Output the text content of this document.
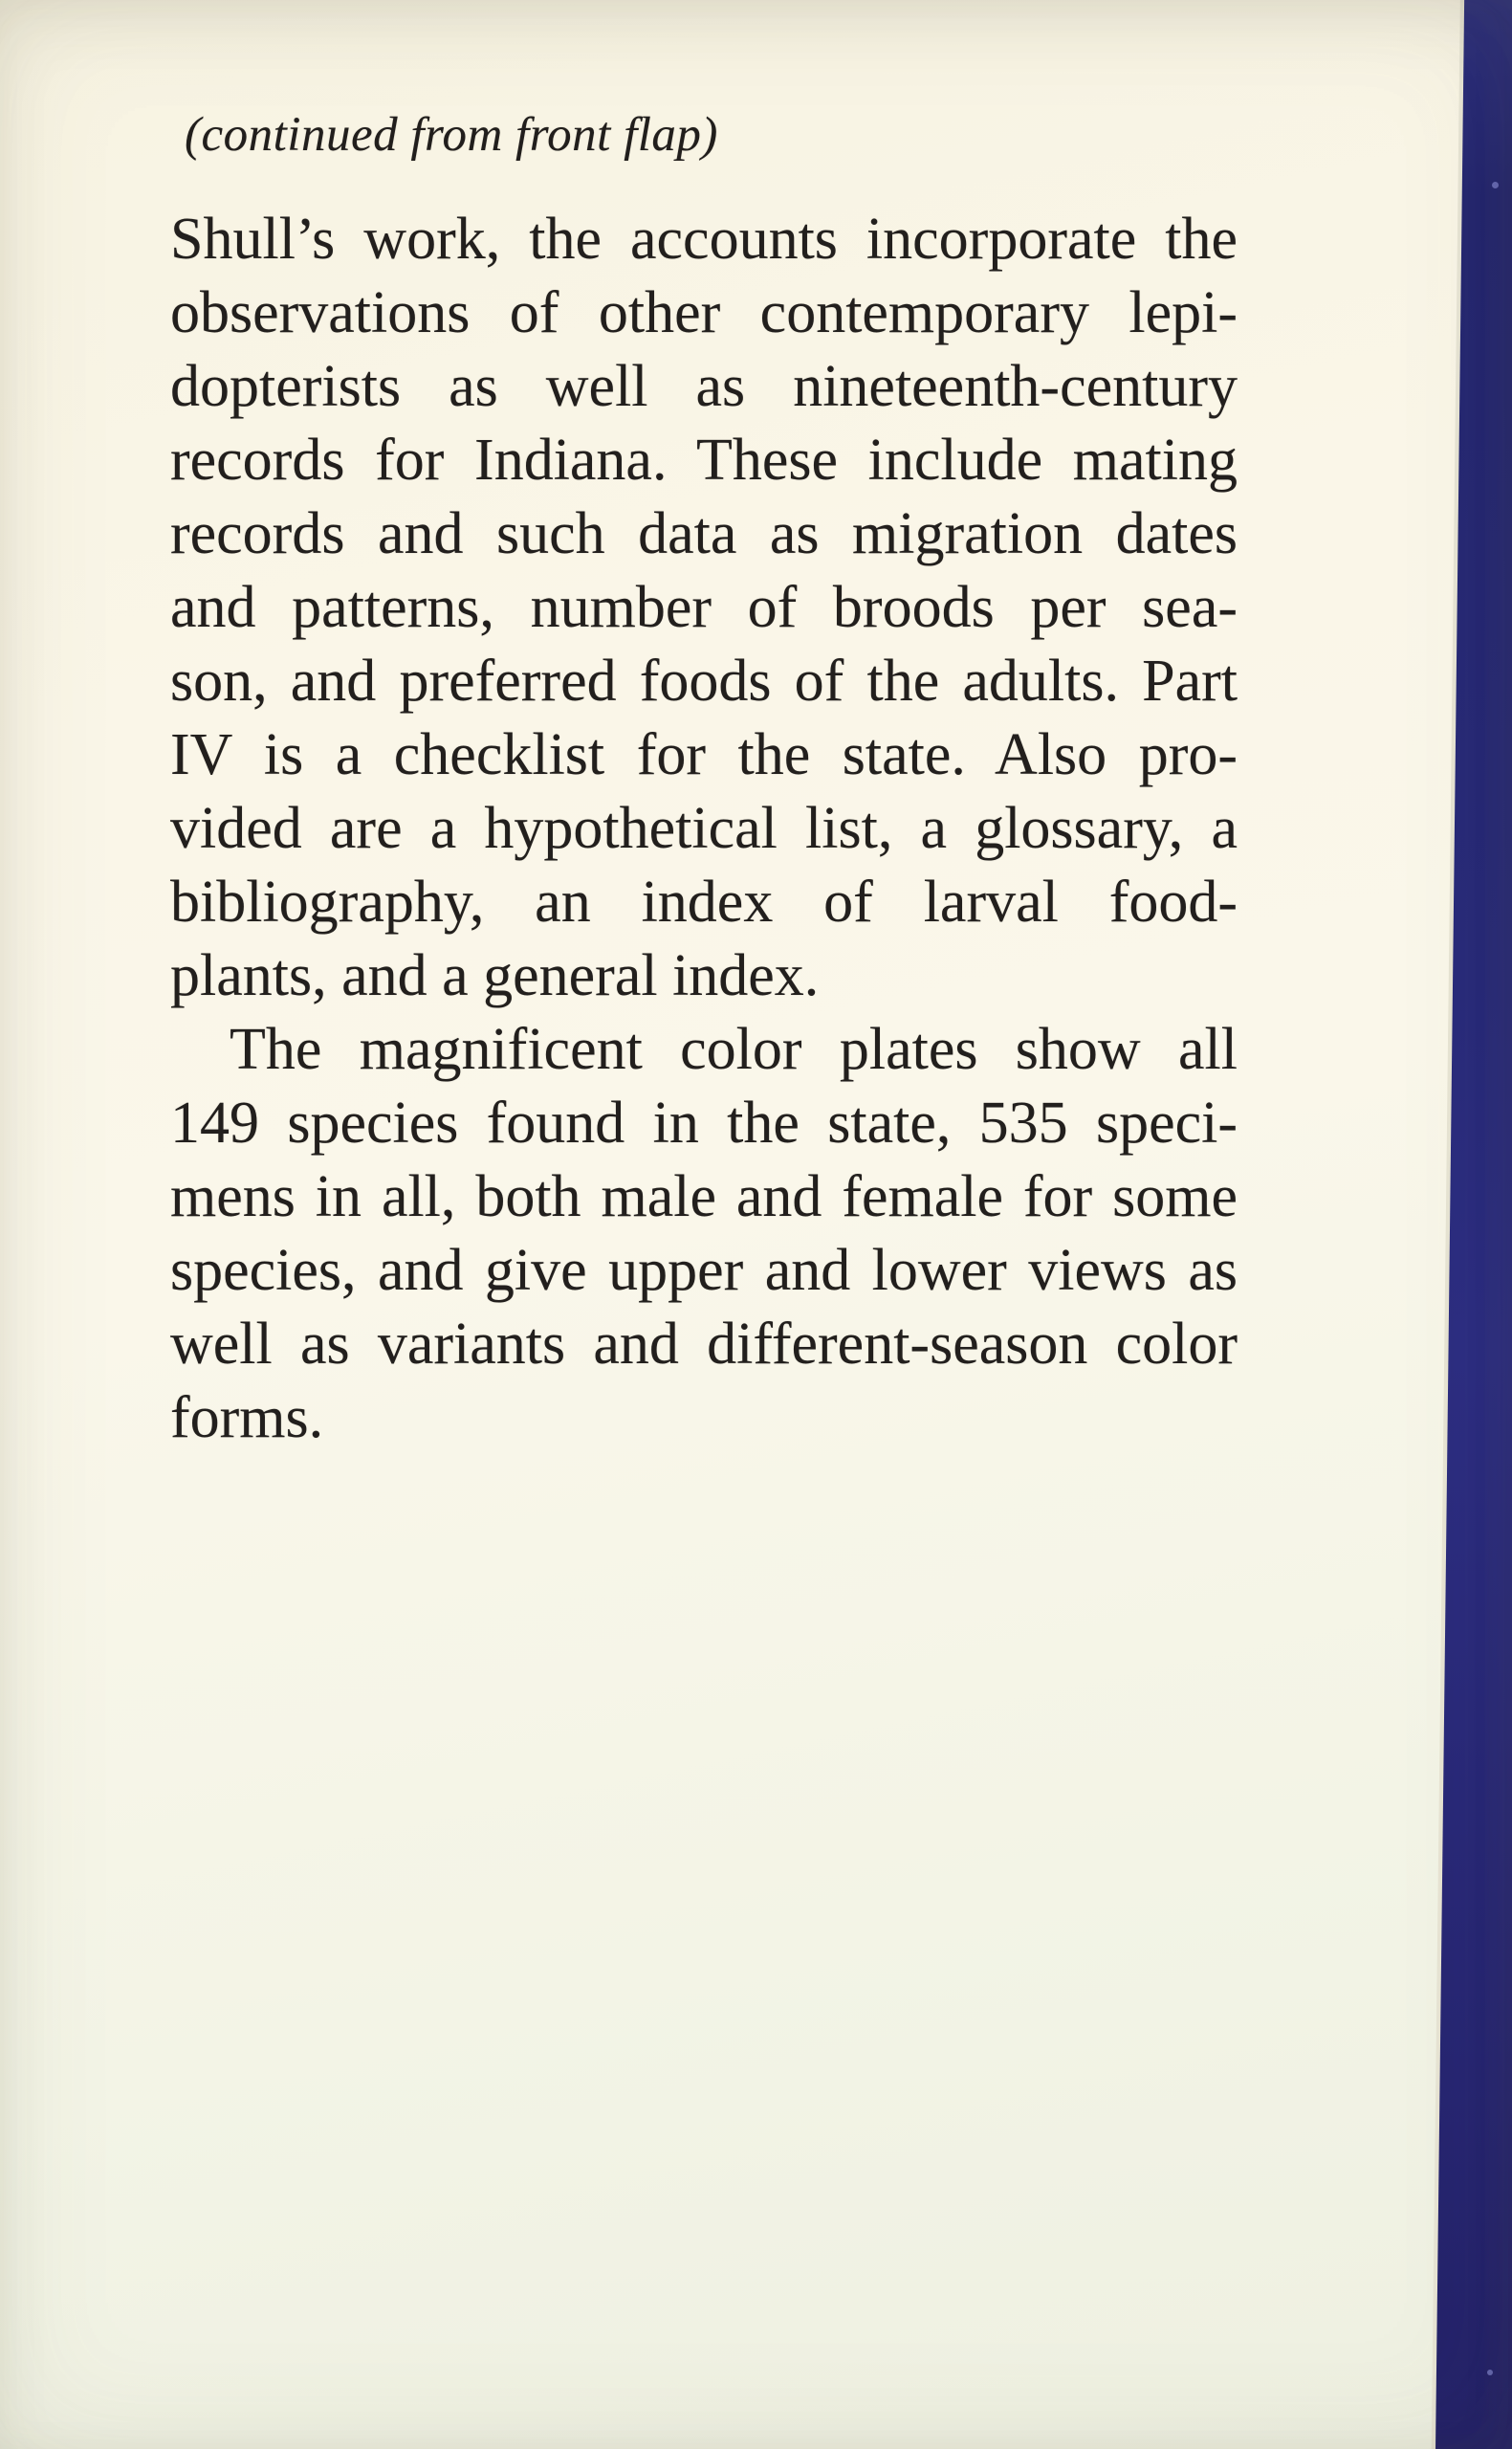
(continued from front flap)
Shull’s work, the accounts incorporate the
observations of other contemporary lepi-
dopterists as well as nineteenth-century
records for Indiana. These include mating
records and such data as migration dates
and patterns, number of broods per sea-
son, and preferred foods of the adults. Part
IV is a checklist for the state. Also pro-
vided are a hypothetical list, a glossary, a
bibliography, an index of larval food-
plants, and a general index.
The magnificent color plates show all
149 species found in the state, 535 speci-
mens in all, both male and female for some
species, and give upper and lower views as
well as variants and different-season color
forms.
